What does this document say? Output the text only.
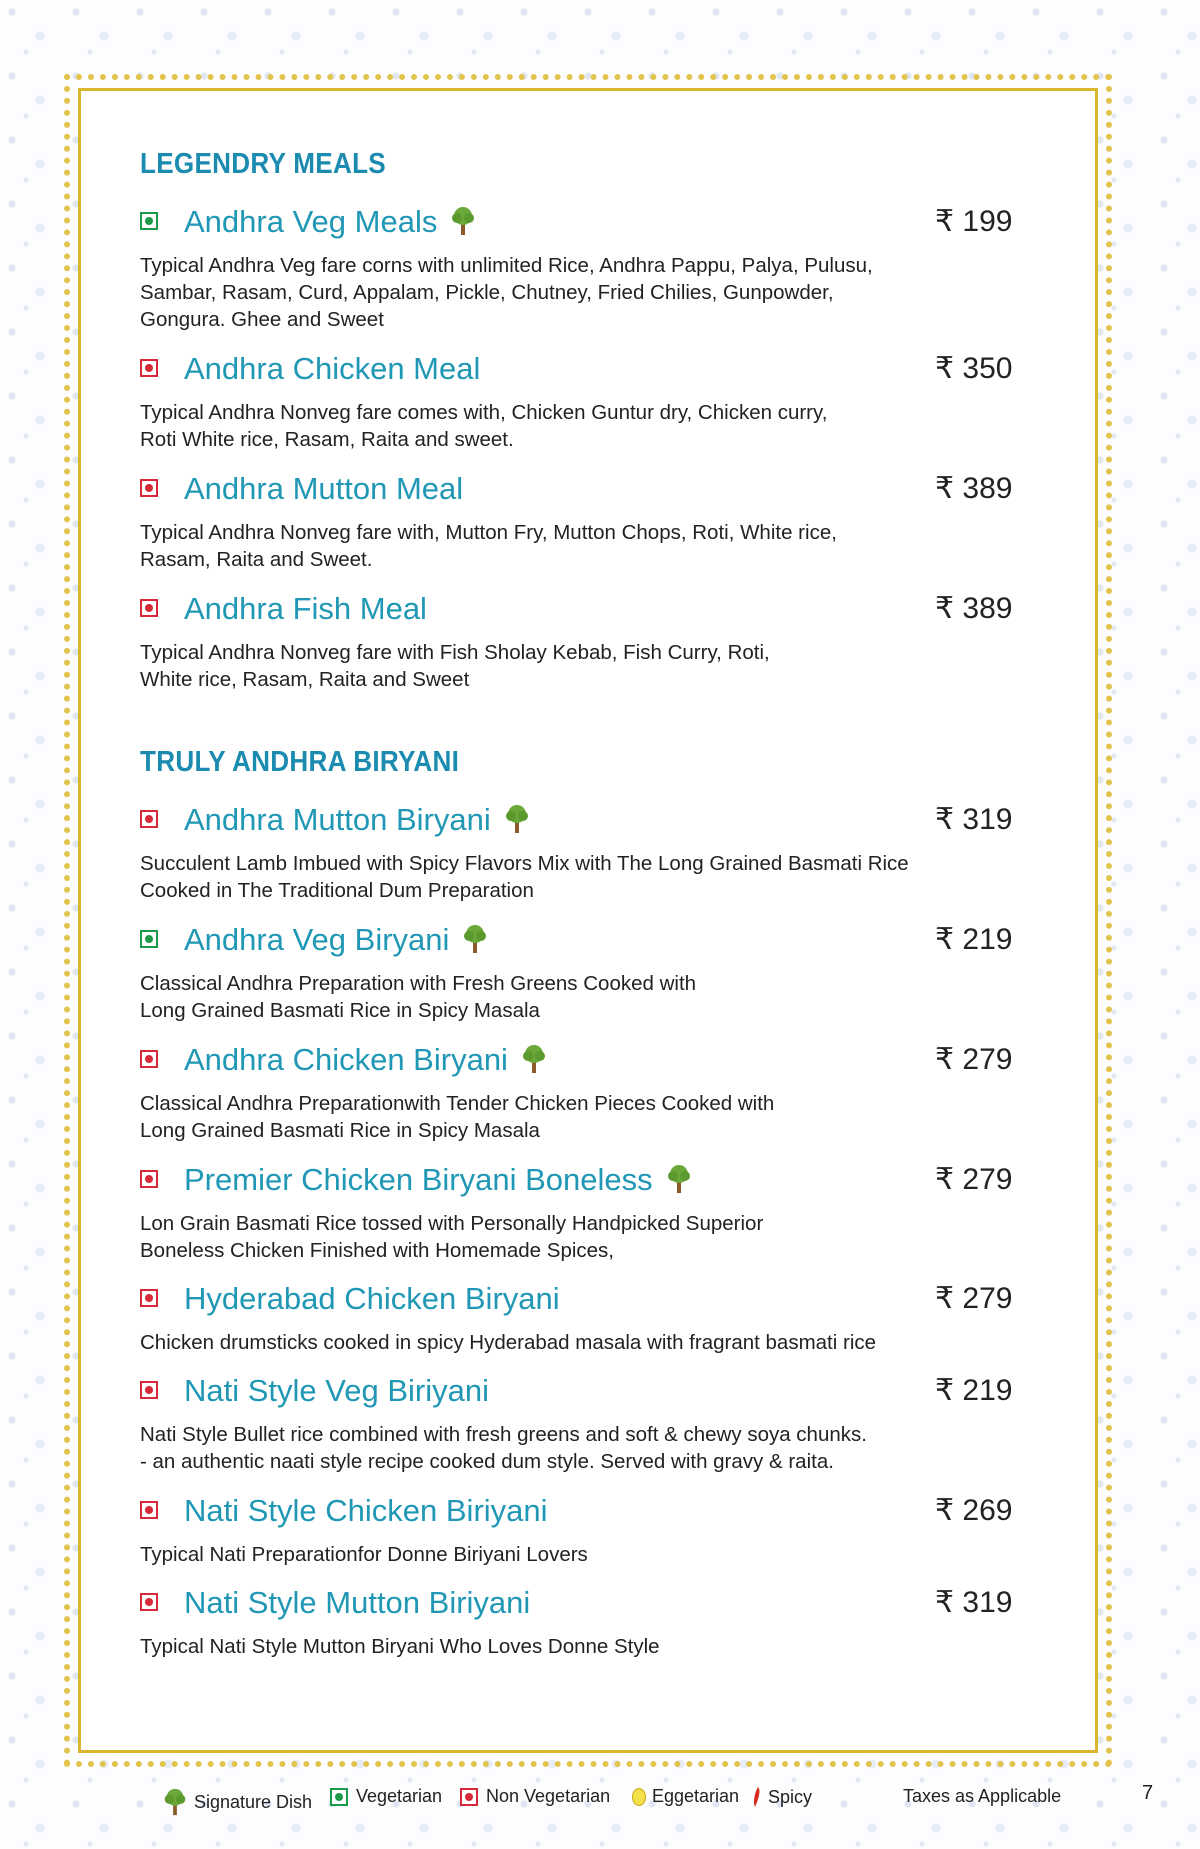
LEGENDRY MEALS
Andhra Veg Meals	₹ 199
Typical Andhra Veg fare corns with unlimited Rice, Andhra Pappu, Palya, Pulusu,
Sambar, Rasam, Curd, Appalam, Pickle, Chutney, Fried Chilies, Gunpowder,
Gongura. Ghee and Sweet
Andhra Chicken Meal	₹ 350
Typical Andhra Nonveg fare comes with, Chicken Guntur dry, Chicken curry,
Roti White rice, Rasam, Raita and sweet.
Andhra Mutton Meal	₹ 389
Typical Andhra Nonveg fare with, Mutton Fry, Mutton Chops, Roti, White rice,
Rasam, Raita and Sweet.
Andhra Fish Meal	₹ 389
Typical Andhra Nonveg fare with Fish Sholay Kebab, Fish Curry, Roti,
White rice, Rasam, Raita and Sweet
TRULY ANDHRA BIRYANI
Andhra Mutton Biryani	₹ 319
Succulent Lamb Imbued with Spicy Flavors Mix with The Long Grained Basmati Rice
Cooked in The Traditional Dum Preparation
Andhra Veg Biryani	₹ 219
Classical Andhra Preparation with Fresh Greens Cooked with
Long Grained Basmati Rice in Spicy Masala
Andhra Chicken Biryani	₹ 279
Classical Andhra Preparationwith Tender Chicken Pieces Cooked with
Long Grained Basmati Rice in Spicy Masala
Premier Chicken Biryani Boneless	₹ 279
Lon Grain Basmati Rice tossed with Personally Handpicked Superior
Boneless Chicken Finished with Homemade Spices,
Hyderabad Chicken Biryani	₹ 279
Chicken drumsticks cooked in spicy Hyderabad masala with fragrant basmati rice
Nati Style Veg Biriyani	₹ 219
Nati Style Bullet rice combined with fresh greens and soft & chewy soya chunks.
- an authentic naati style recipe cooked dum style. Served with gravy & raita.
Nati Style Chicken Biriyani	₹ 269
Typical Nati Preparationfor Donne Biriyani Lovers
Nati Style Mutton Biriyani	₹ 319
Typical Nati Style Mutton Biryani Who Loves Donne Style
Signature Dish Vegetarian Non Vegetarian Eggetarian Spicy	Taxes as Applicable	7
